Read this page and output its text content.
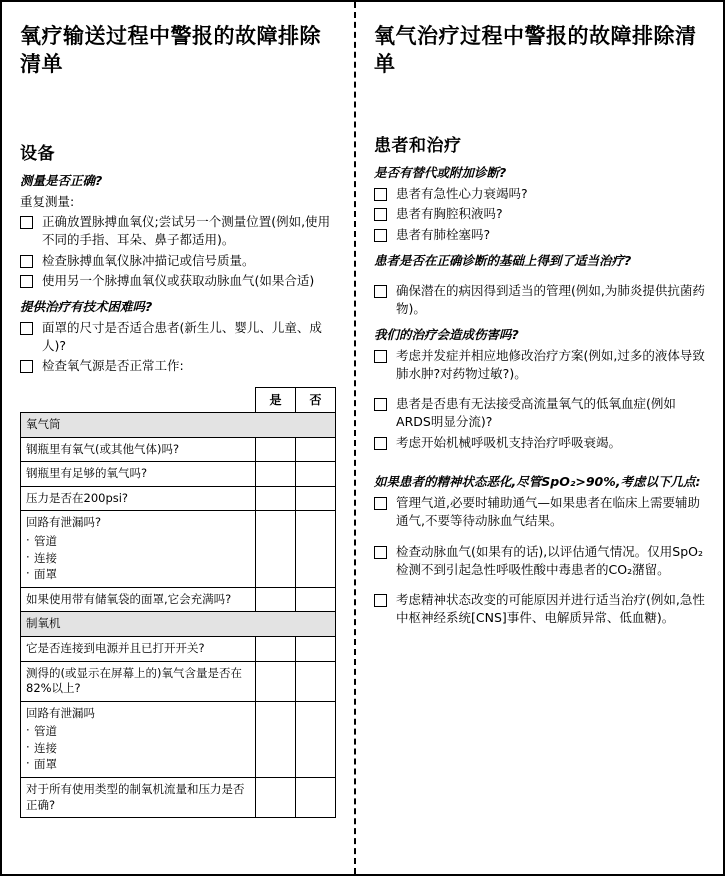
氧疗输送过程中警报的故障排除清单
设备
测量是否正确?
重复测量:
正确放置脉搏血氧仪;尝试另一个测量位置(例如,使用不同的手指、耳朵、鼻子都适用)。
检查脉搏血氧仪脉冲描记或信号质量。
使用另一个脉搏血氧仪或获取动脉血气(如果合适)
提供治疗有技术困难吗?
面罩的尺寸是否适合患者(新生儿、婴儿、儿童、成人)?
检查氧气源是否正常工作:
	是	否
氧气筒		
钢瓶里有氧气(或其他气体)吗?		
钢瓶里有足够的氧气吗?		
压力是否在200psi?		
回路有泄漏吗?
· 管道
· 连接
· 面罩

如果使用带有储氧袋的面罩,它会充满吗?		
制氧机		
它是否连接到电源并且已打开开关?		
测得的(或显示在屏幕上的)氧气含量是否在82%以上?		
回路有泄漏吗
· 管道
· 连接
· 面罩

对于所有使用类型的制氧机流量和压力是否正确?		
氧气治疗过程中警报的故障排除清单
患者和治疗
是否有替代或附加诊断?
患者有急性心力衰竭吗?
患者有胸腔积液吗?
患者有肺栓塞吗?
患者是否在正确诊断的基础上得到了适当治疗?
确保潜在的病因得到适当的管理(例如,为肺炎提供抗菌药物)。
我们的治疗会造成伤害吗?
考虑并发症并相应地修改治疗方案(例如,过多的液体导致肺水肿?对药物过敏?)。
患者是否患有无法接受高流量氧气的低氧血症(例如ARDS明显分流)?
考虑开始机械呼吸机支持治疗呼吸衰竭。
如果患者的精神状态恶化,尽管SpO₂>90%,考虑以下几点:
管理气道,必要时辅助通气—如果患者在临床上需要辅助通气,不要等待动脉血气结果。
检查动脉血气(如果有的话),以评估通气情况。仅用SpO₂检测不到引起急性呼吸性酸中毒患者的CO₂潴留。
考虑精神状态改变的可能原因并进行适当治疗(例如,急性中枢神经系统[CNS]事件、电解质异常、低血糖)。
